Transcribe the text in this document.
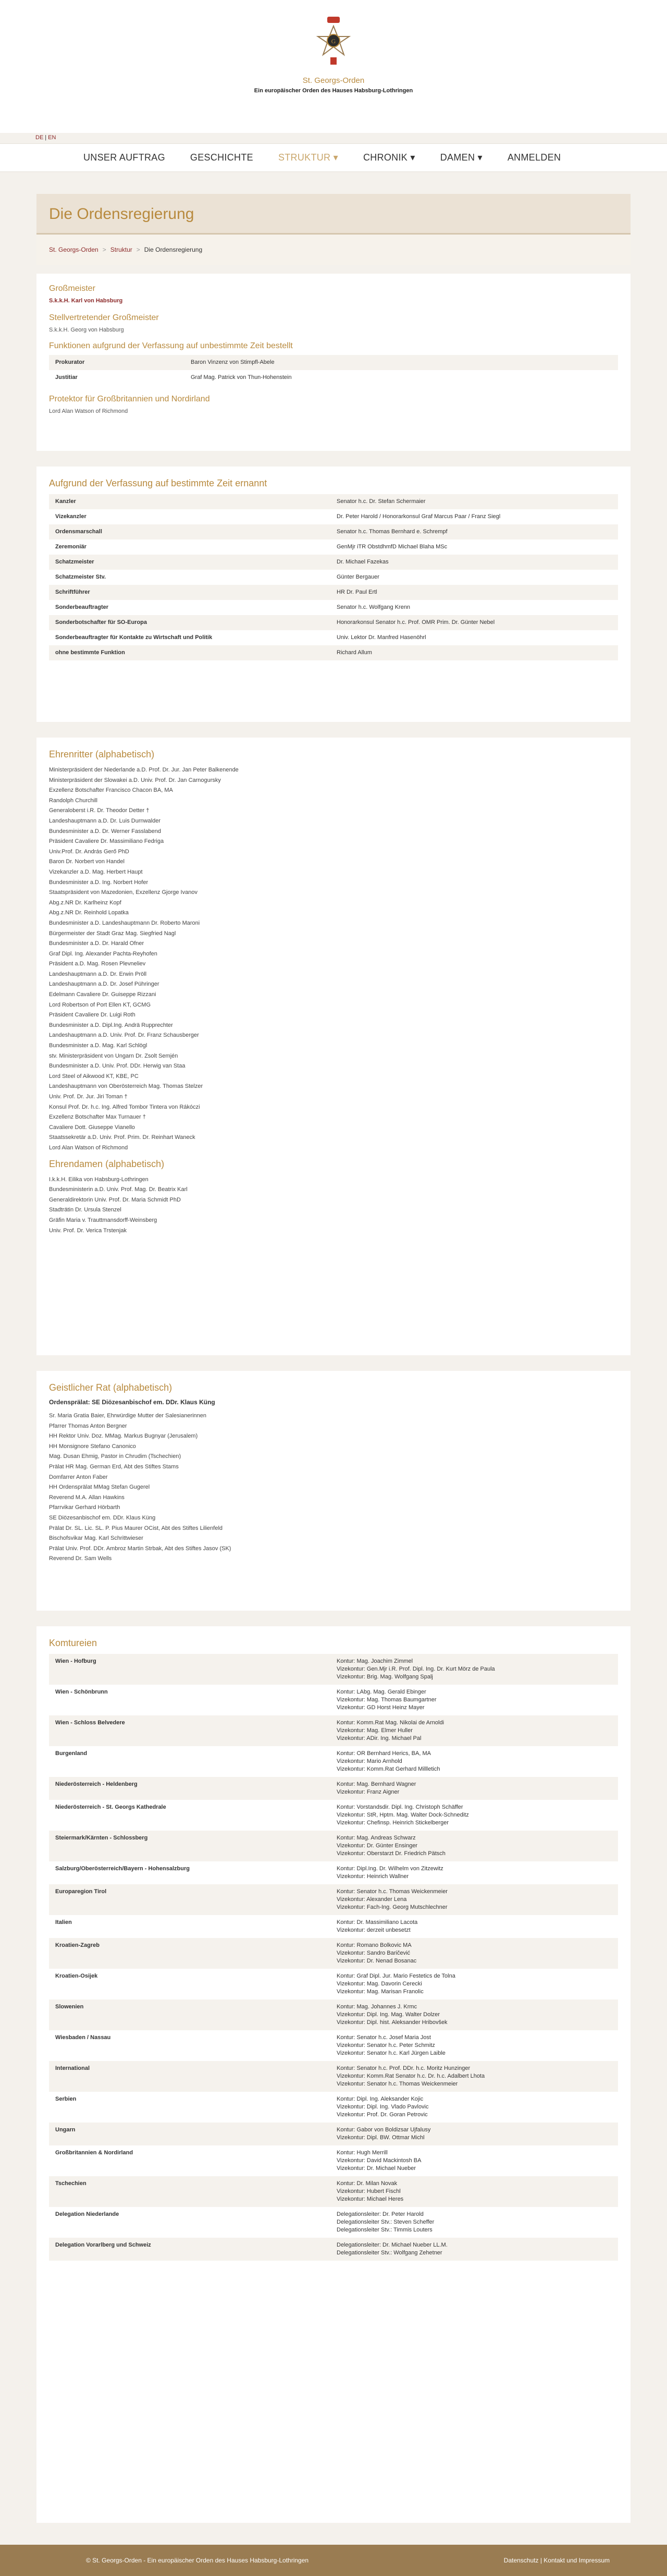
G
St. Georgs-Orden
Ein europäischer Orden des Hauses Habsburg-Lothringen
DE | EN
UNSER AUFTRAG	GESCHICHTE	STRUKTUR ▾	CHRONIK ▾	DAMEN ▾	ANMELDEN
Die Ordensregierung
St. Georgs-Orden > Struktur > Die Ordensregierung
Großmeister
S.k.k.H. Karl von Habsburg
Stellvertretender Großmeister
S.k.k.H. Georg von Habsburg
Funktionen aufgrund der Verfassung auf unbestimmte Zeit bestellt
Prokurator	Baron Vinzenz von Stimpfl-Abele
Justitiar	Graf Mag. Patrick von Thun-Hohenstein
Protektor für Großbritannien und Nordirland
Lord Alan Watson of Richmond
Aufgrund der Verfassung auf bestimmte Zeit ernannt
Kanzler	Senator h.c. Dr. Stefan Schermaier
Vizekanzler	Dr. Peter Harold / Honorarkonsul Graf Marcus Paar / Franz Siegl
Ordensmarschall	Senator h.c. Thomas Bernhard e. Schrempf
Zeremoniär	GenMjr iTR ObstdhmfD Michael Blaha MSc
Schatzmeister	Dr. Michael Fazekas
Schatzmeister Stv.	Günter Bergauer
Schriftführer	HR Dr. Paul Ertl
Sonderbeauftragter	Senator h.c. Wolfgang Krenn
Sonderbotschafter für SO-Europa	Honorarkonsul Senator h.c. Prof. OMR Prim. Dr. Günter Nebel
Sonderbeauftragter für Kontakte zu Wirtschaft und Politik	Univ. Lektor Dr. Manfred Hasenöhrl
ohne bestimmte Funktion	Richard Allum
Ehrenritter (alphabetisch)

Ministerpräsident der Niederlande a.D. Prof. Dr. Jur. Jan Peter Balkenende

Ministerpräsident der Slowakei a.D. Univ. Prof. Dr. Jan Carnogursky

Exzellenz Botschafter Francisco Chacon BA, MA

Randolph Churchill

Generaloberst i.R. Dr. Theodor Detter †

Landeshauptmann a.D. Dr. Luis Durnwalder

Bundesminister a.D. Dr. Werner Fasslabend

Präsident Cavaliere Dr. Massimiliano Fedriga

Univ.Prof. Dr. András Gerő PhD

Baron Dr. Norbert von Handel

Vizekanzler a.D. Mag. Herbert Haupt

Bundesminister a.D. Ing. Norbert Hofer

Staatspräsident von Mazedonien, Exzellenz Gjorge Ivanov

Abg.z.NR Dr. Karlheinz Kopf

Abg.z.NR Dr. Reinhold Lopatka

Bundesminister a.D. Landeshauptmann Dr. Roberto Maroni

Bürgermeister der Stadt Graz Mag. Siegfried Nagl

Bundesminister a.D. Dr. Harald Ofner

Graf Dipl. Ing. Alexander Pachta-Reyhofen

Präsident a.D. Mag. Rosen Plevneliev

Landeshauptmann a.D. Dr. Erwin Pröll

Landeshauptmann a.D. Dr. Josef Pühringer

Edelmann Cavaliere Dr. Guiseppe Rizzani

Lord Robertson of Port Ellen KT, GCMG

Präsident Cavaliere Dr. Luigi Roth

Bundesminister a.D. Dipl.Ing. Andrä Rupprechter

Landeshauptmann a.D. Univ. Prof. Dr. Franz Schausberger

Bundesminister a.D. Mag. Karl Schlögl

stv. Ministerpräsident von Ungarn Dr. Zsolt Semjén

Bundesminister a.D. Univ. Prof. DDr. Herwig van Staa

Lord Steel of Aikwood KT, KBE, PC

Landeshauptmann von Oberösterreich Mag. Thomas Stelzer

Univ. Prof. Dr. Jur. Jiri Toman †

Konsul Prof. Dr. h.c. Ing. Alfred Tombor Tintera von Rákóczi

Exzellenz Botschafter Max Turnauer †

Cavaliere Dott. Giuseppe Vianello

Staatssekretär a.D. Univ. Prof. Prim. Dr. Reinhart Waneck

Lord Alan Watson of Richmond

Ehrendamen (alphabetisch)

I.k.k.H. Eilika von Habsburg-Lothringen

Bundesministerin a.D. Univ. Prof. Mag. Dr. Beatrix Karl

Generaldirektorin Univ. Prof. Dr. Maria Schmidt PhD

Stadträtin Dr. Ursula Stenzel

Gräfin Maria v. Trauttmansdorff-Weinsberg

Univ. Prof. Dr. Verica Trstenjak

Geistlicher Rat (alphabetisch)
Ordensprälat: SE Diözesanbischof em. DDr. Klaus Küng

Sr. Maria Gratia Baier, Ehrwürdige Mutter der Salesianerinnen

Pfarrer Thomas Anton Bergner

HH Rektor Univ. Doz. MMag. Markus Bugnyar (Jerusalem)

HH Monsignore Stefano Canonico

Mag. Dusan Ehmig, Pastor in Chrudim (Tschechien)

Prälat HR Mag. German Erd, Abt des Stiftes Stams

Domfarrer Anton Faber

HH Ordensprälat MMag Stefan Gugerel

Reverend M.A. Allan Hawkins

Pfarrvikar Gerhard Hörbarth

SE Diözesanbischof em. DDr. Klaus Küng

Prälat Dr. SL. Lic. SL. P. Pius Maurer OCist, Abt des Stiftes Lilienfeld

Bischofsvikar Mag. Karl Schrittwieser

Prälat Univ. Prof. DDr. Ambroz Martin Strbak, Abt des Stiftes Jasov (SK)

Reverend Dr. Sam Wells

Komtureien
Wien - Hofburg	Kontur: Mag. Joachim Zimmel
Vizekontur: Gen.Mjr i.R. Prof. Dipl. Ing. Dr. Kurt Mörz de Paula
Vizekontur: Brig. Mag. Wolfgang Spalj

Wien - Schönbrunn	Kontur: LAbg. Mag. Gerald Ebinger
Vizekontur: Mag. Thomas Baumgartner
Vizekontur: GD Horst Heinz Mayer

Wien - Schloss Belvedere	Kontur: Komm.Rat Mag. Nikolai de Arnoldi
Vizekontur: Mag. Elmer Huller
Vizekontur: ADir. Ing. Michael Pal

Burgenland	Kontur: OR Bernhard Herics, BA, MA
Vizekontur: Mario Arnhold
Vizekontur: Komm.Rat Gerhard Millletich

Niederösterreich - Heldenberg	Kontur: Mag. Bernhard Wagner
Vizekontur: Franz Aigner

Niederösterreich - St. Georgs Kathedrale	Kontur: Vorstandsdir. Dipl. Ing. Christoph Schäffer
Vizekontur: StR, Hptm. Mag. Walter Dock-Schneditz
Vizekontur: Chefinsp. Heinrich Stickelberger

Steiermark/Kärnten - Schlossberg	Kontur: Mag. Andreas Schwarz
Vizekontur: Dr. Günter Ensinger
Vizekontur: Oberstarzt Dr. Friedrich Pätsch

Salzburg/Oberösterreich/Bayern - Hohensalzburg	Kontur: Dipl.Ing. Dr. Wilhelm von Zitzewitz
Vizekontur: Heinrich Wallner

Europaregion Tirol	Kontur: Senator h.c. Thomas Weickenmeier
Vizekontur: Alexander Lena
Vizekontur: Fach-Ing. Georg Mutschlechner

Italien	Kontur: Dr. Massimiliano Lacota
Vizekontur: derzeit unbesetzt

Kroatien-Zagreb	Kontur: Romano Bolkovic MA
Vizekontur: Sandro Baričević
Vizekontur: Dr. Nenad Bosanac

Kroatien-Osijek	Kontur: Graf Dipl. Jur. Mario Festetics de Tolna
Vizekontur: Mag. Davorin Cerecki
Vizekontur: Mag. Marisan Franolic

Slowenien	Kontur: Mag. Johannes J. Krmc
Vizekontur: Dipl. Ing. Mag. Walter Dolzer
Vizekontur: Dipl. hist. Aleksander Hribovšek

Wiesbaden / Nassau	Kontur: Senator h.c. Josef Maria Jost
Vizekontur: Senator h.c. Peter Schmitz
Vizekontur: Senator h.c. Karl Jürgen Laible

International	Kontur: Senator h.c. Prof. DDr. h.c. Moritz Hunzinger
Vizekontur: Komm.Rat Senator h.c. Dr. h.c. Adalbert Lhota
Vizekontur: Senator h.c. Thomas Weickenmeier

Serbien	Kontur: Dipl. Ing. Aleksander Kojic
Vizekontur: Dipl. Ing. Vlado Pavlovic
Vizekontur: Prof. Dr. Goran Petrovic

Ungarn	Kontur: Gabor von Boldizsar Ujfalusy
Vizekontur: Dipl. BW. Ottmar Michl

Großbritannien & Nordirland	Kontur: Hugh Merrill
Vizekontur: David Mackintosh BA
Vizekontur: Dr. Michael Nueber

Tschechien	Kontur: Dr. Milan Novak
Vizekontur: Hubert Fischl
Vizekontur: Michael Heres

Delegation Niederlande	Delegationsleiter: Dr. Peter Harold
Delegationsleiter Stv.: Steven Scheffer
Delegationsleiter Stv.: Timmis Louters

Delegation Vorarlberg und Schweiz	Delegationsleiter: Dr. Michael Nueber LL.M.
Delegationsleiter Stv.: Wolfgang Zehetner
© St. Georgs-Orden - Ein europäischer Orden des Hauses Habsburg-Lothringen	Datenschutz | Kontakt und Impressum
